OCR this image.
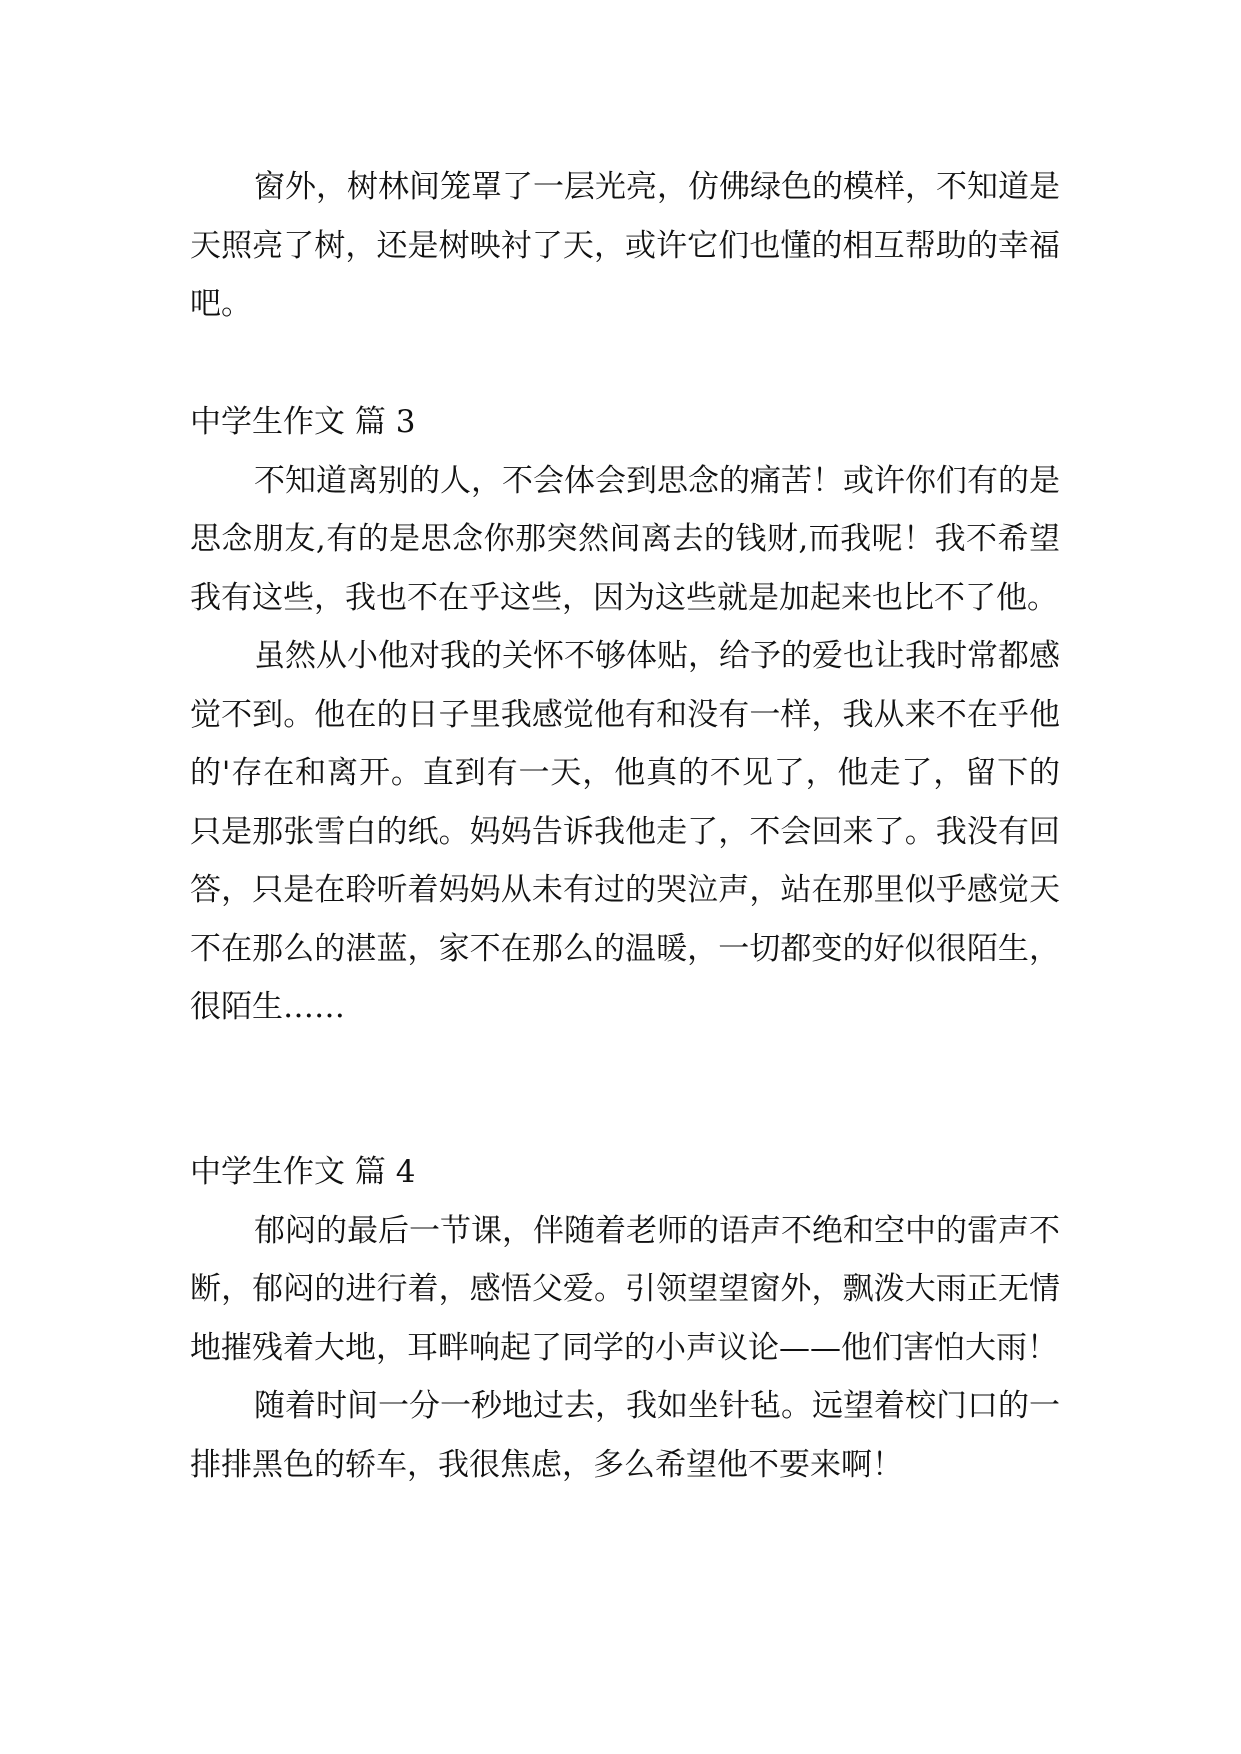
窗外，树林间笼罩了一层光亮，仿佛绿色的模样，不知道是天照亮了树，还是树映衬了天，或许它们也懂的相互帮助的幸福吧。

中学生作文 篇 3

不知道离别的人，不会体会到思念的痛苦！或许你们有的是思念朋友,有的是思念你那突然间离去的钱财,而我呢！我不希望我有这些，我也不在乎这些，因为这些就是加起来也比不了他。

虽然从小他对我的关怀不够体贴，给予的爱也让我时常都感觉不到。他在的日子里我感觉他有和没有一样，我从来不在乎他的'存在和离开。直到有一天，他真的不见了，他走了，留下的只是那张雪白的纸。妈妈告诉我他走了，不会回来了。我没有回答，只是在聆听着妈妈从未有过的哭泣声，站在那里似乎感觉天不在那么的湛蓝，家不在那么的温暖，一切都变的好似很陌生，很陌生……

中学生作文 篇 4

郁闷的最后一节课，伴随着老师的语声不绝和空中的雷声不断，郁闷的进行着，感悟父爱。引领望望窗外，飘泼大雨正无情地摧残着大地，耳畔响起了同学的小声议论——他们害怕大雨！

随着时间一分一秒地过去，我如坐针毡。远望着校门口的一排排黑色的轿车，我很焦虑，多么希望他不要来啊！
